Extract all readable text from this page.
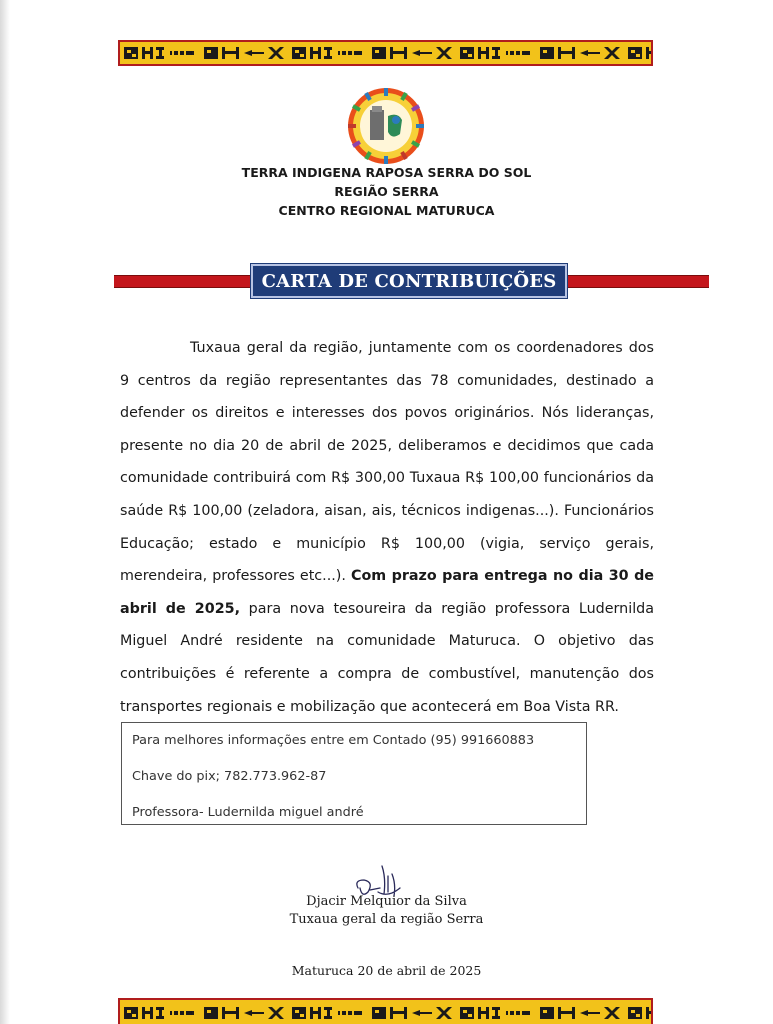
TERRA INDIGENA RAPOSA SERRA DO SOL
REGIÃO SERRA
CENTRO REGIONAL MATURUCA
CARTA DE CONTRIBUIÇÕES

Tuxaua geral da região, juntamente com os coordenadores dos 9 centros da região representantes das 78 comunidades, destinado a defender os direitos e interesses dos povos originários. Nós lideranças, presente no dia 20 de abril de 2025, deliberamos e decidimos que cada comunidade contribuirá com R$ 300,00 Tuxaua R$ 100,00 funcionários da saúde R$ 100,00 (zeladora, aisan, ais, técnicos indigenas...). Funcionários Educação; estado e município R$ 100,00 (vigia, serviço gerais, merendeira, professores etc...). Com prazo para entrega no dia 30 de abril de 2025, para nova tesoureira da região professora Ludernilda Miguel André residente na comunidade Maturuca. O objetivo das contribuições é referente a compra de combustível, manutenção dos transportes regionais e mobilização que acontecerá em Boa Vista RR.

Para melhores informações entre em Contado (95) 991660883
Chave do pix; 782.773.962-87
Professora- Ludernilda miguel andré
Djacir Melquior da Silva
Tuxaua geral da região Serra
Maturuca 20 de abril de 2025
